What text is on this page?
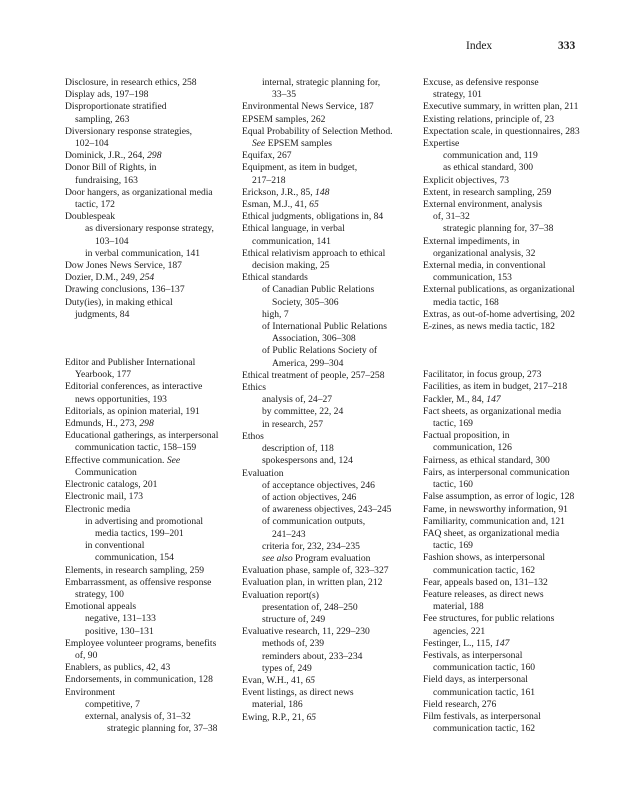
Index	333
Disclosure, in research ethics, 258
Display ads, 197–198
Disproportionate stratified
sampling, 263
Diversionary response strategies,
102–104
Dominick, J.R., 264, 298
Donor Bill of Rights, in
fundraising, 163
Door hangers, as organizational media
tactic, 172
Doublespeak
as diversionary response strategy,
103–104
in verbal communication, 141
Dow Jones News Service, 187
Dozier, D.M., 249, 254
Drawing conclusions, 136–137
Duty(ies), in making ethical
judgments, 84
Editor and Publisher International
Yearbook, 177
Editorial conferences, as interactive
news opportunities, 193
Editorials, as opinion material, 191
Edmunds, H., 273, 298
Educational gatherings, as interpersonal
communication tactic, 158–159
Effective communication. See
Communication
Electronic catalogs, 201
Electronic mail, 173
Electronic media
in advertising and promotional
media tactics, 199–201
in conventional
communication, 154
Elements, in research sampling, 259
Embarrassment, as offensive response
strategy, 100
Emotional appeals
negative, 131–133
positive, 130–131
Employee volunteer programs, benefits
of, 90
Enablers, as publics, 42, 43
Endorsements, in communication, 128
Environment
competitive, 7
external, analysis of, 31–32
strategic planning for, 37–38
internal, strategic planning for,
33–35
Environmental News Service, 187
EPSEM samples, 262
Equal Probability of Selection Method.
See EPSEM samples
Equifax, 267
Equipment, as item in budget,
217–218
Erickson, J.R., 85, 148
Esman, M.J., 41, 65
Ethical judgments, obligations in, 84
Ethical language, in verbal
communication, 141
Ethical relativism approach to ethical
decision making, 25
Ethical standards
of Canadian Public Relations
Society, 305–306
high, 7
of International Public Relations
Association, 306–308
of Public Relations Society of
America, 299–304
Ethical treatment of people, 257–258
Ethics
analysis of, 24–27
by committee, 22, 24
in research, 257
Ethos
description of, 118
spokespersons and, 124
Evaluation
of acceptance objectives, 246
of action objectives, 246
of awareness objectives, 243–245
of communication outputs,
241–243
criteria for, 232, 234–235
see also Program evaluation
Evaluation phase, sample of, 323–327
Evaluation plan, in written plan, 212
Evaluation report(s)
presentation of, 248–250
structure of, 249
Evaluative research, 11, 229–230
methods of, 239
reminders about, 233–234
types of, 249
Evan, W.H., 41, 65
Event listings, as direct news
material, 186
Ewing, R.P., 21, 65
Excuse, as defensive response
strategy, 101
Executive summary, in written plan, 211
Existing relations, principle of, 23
Expectation scale, in questionnaires, 283
Expertise
communication and, 119
as ethical standard, 300
Explicit objectives, 73
Extent, in research sampling, 259
External environment, analysis
of, 31–32
strategic planning for, 37–38
External impediments, in
organizational analysis, 32
External media, in conventional
communication, 153
External publications, as organizational
media tactic, 168
Extras, as out-of-home advertising, 202
E-zines, as news media tactic, 182
Facilitator, in focus group, 273
Facilities, as item in budget, 217–218
Fackler, M., 84, 147
Fact sheets, as organizational media
tactic, 169
Factual proposition, in
communication, 126
Fairness, as ethical standard, 300
Fairs, as interpersonal communication
tactic, 160
False assumption, as error of logic, 128
Fame, in newsworthy information, 91
Familiarity, communication and, 121
FAQ sheet, as organizational media
tactic, 169
Fashion shows, as interpersonal
communication tactic, 162
Fear, appeals based on, 131–132
Feature releases, as direct news
material, 188
Fee structures, for public relations
agencies, 221
Festinger, L., 115, 147
Festivals, as interpersonal
communication tactic, 160
Field days, as interpersonal
communication tactic, 161
Field research, 276
Film festivals, as interpersonal
communication tactic, 162
